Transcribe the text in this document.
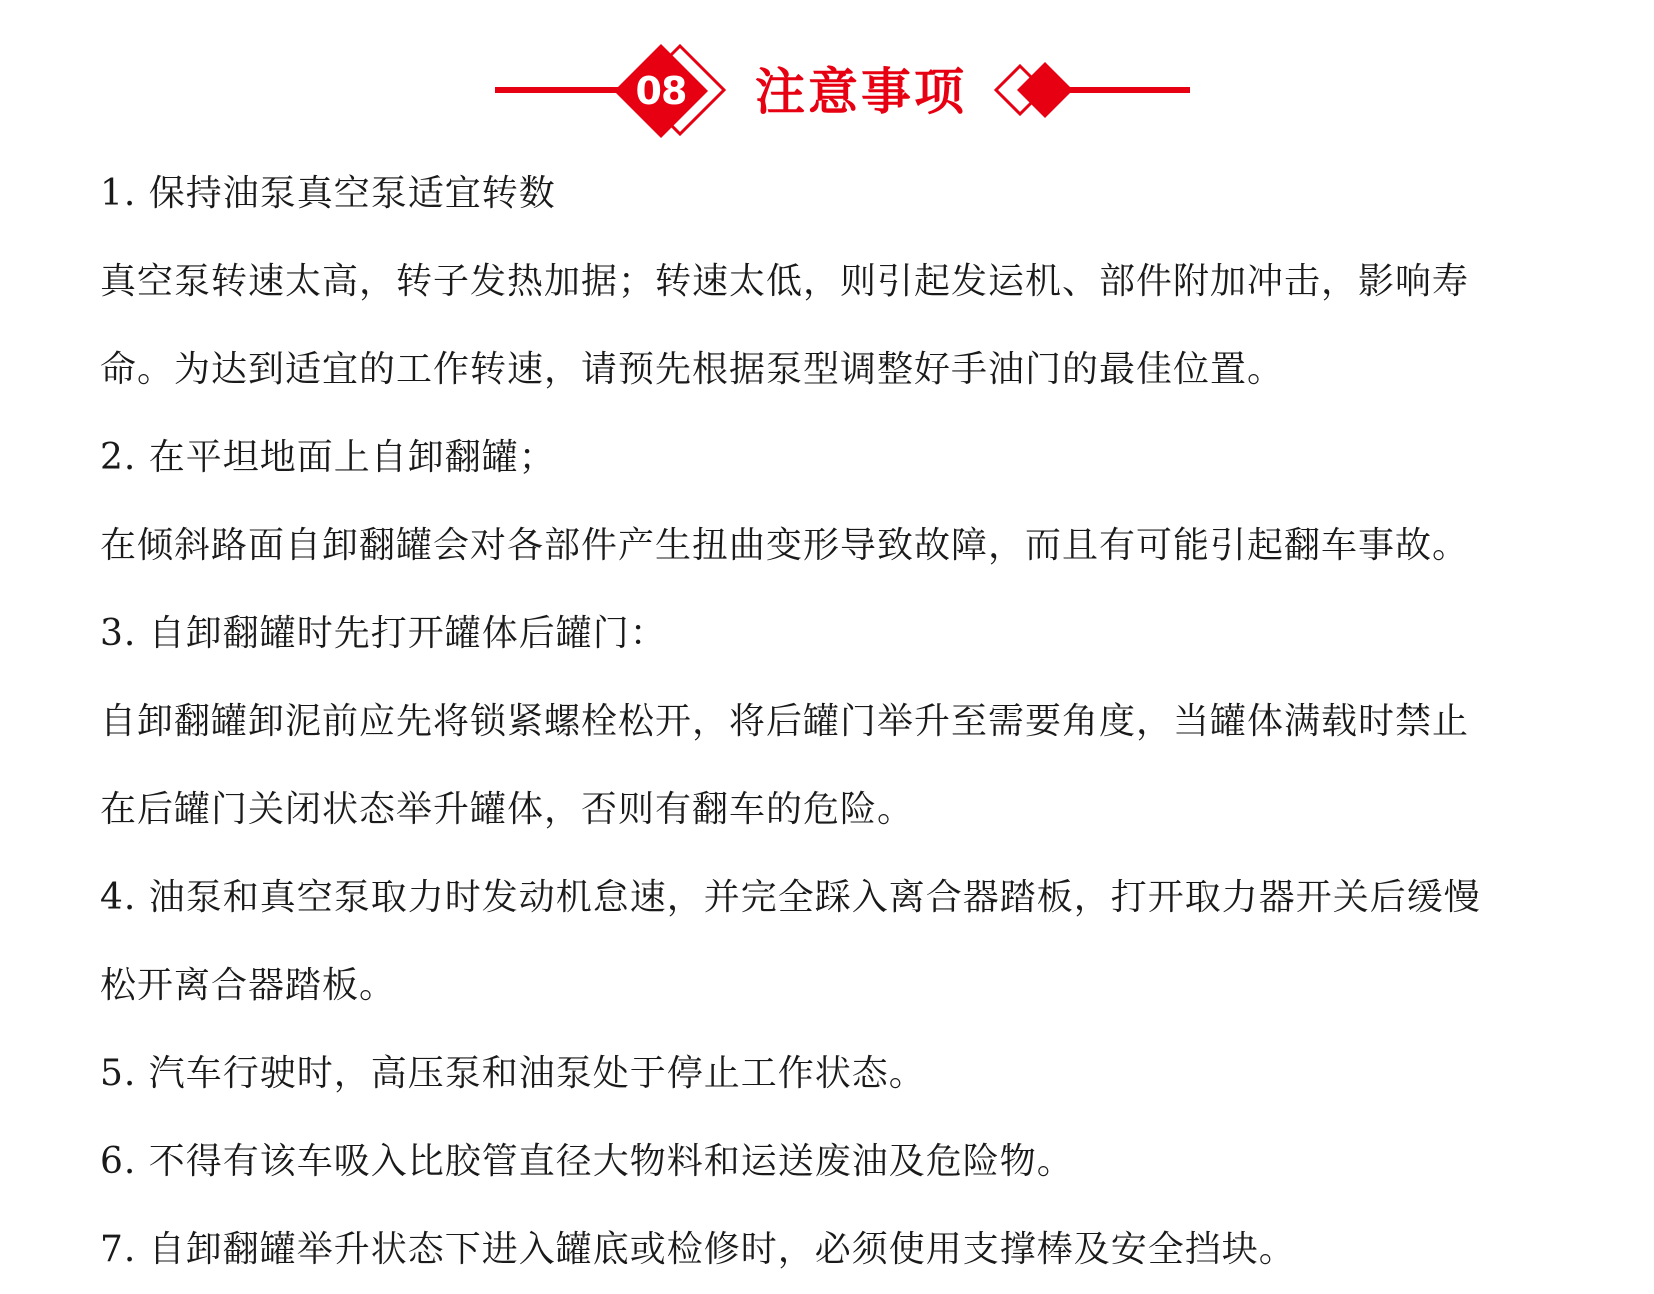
08	注意事项
1. 保持油泵真空泵适宜转数
真空泵转速太高，转子发热加据；转速太低，则引起发运机、部件附加冲击，影响寿
命。为达到适宜的工作转速，请预先根据泵型调整好手油门的最佳位置。
2. 在平坦地面上自卸翻罐；
在倾斜路面自卸翻罐会对各部件产生扭曲变形导致故障，而且有可能引起翻车事故。
3. 自卸翻罐时先打开罐体后罐门：
自卸翻罐卸泥前应先将锁紧螺栓松开，将后罐门举升至需要角度，当罐体满载时禁止
在后罐门关闭状态举升罐体，否则有翻车的危险。
4. 油泵和真空泵取力时发动机怠速，并完全踩入离合器踏板，打开取力器开关后缓慢
松开离合器踏板。
5. 汽车行驶时，高压泵和油泵处于停止工作状态。
6. 不得有该车吸入比胶管直径大物料和运送废油及危险物。
7. 自卸翻罐举升状态下进入罐底或检修时，必须使用支撑棒及安全挡块。
